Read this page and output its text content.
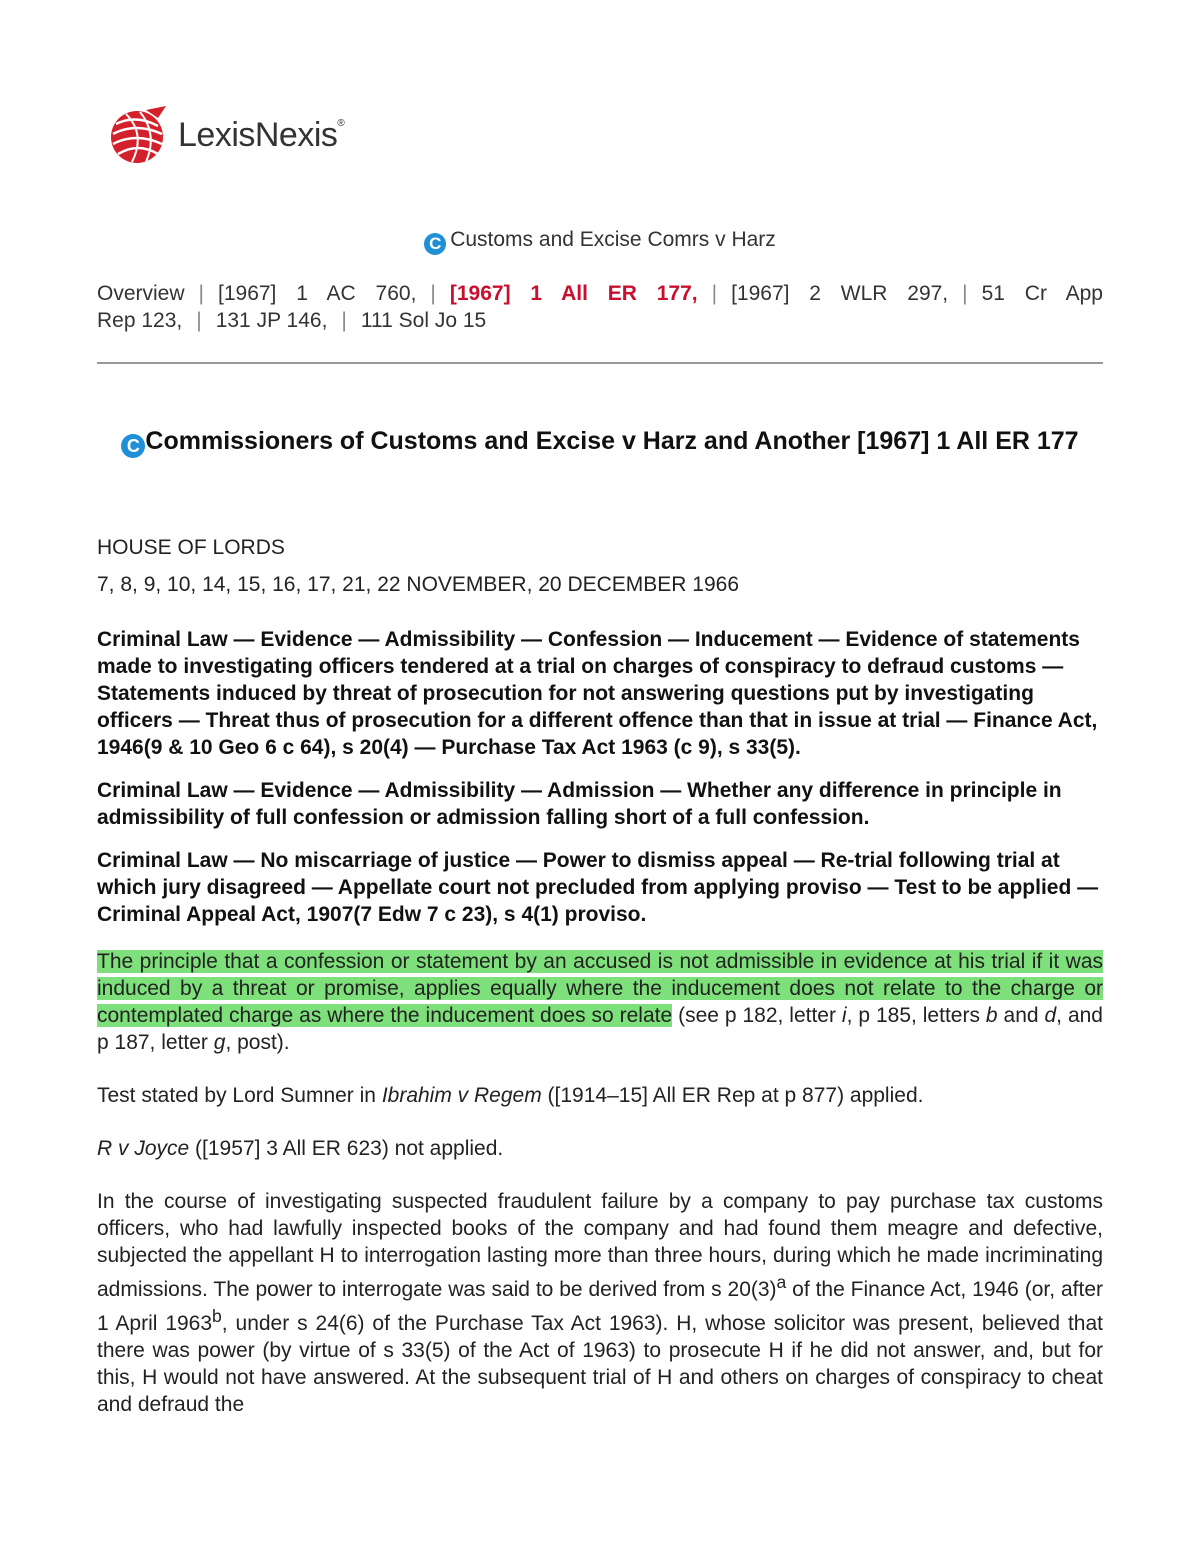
LexisNexis®
C Customs and Excise Comrs v Harz
Overview | [1967] 1 AC 760, | [1967] 1 All ER 177, | [1967] 2 WLR 297, | 51 Cr App
Rep 123, | 131 JP 146, | 111 Sol Jo 15
C Commissioners of Customs and Excise v Harz and Another [1967] 1 All ER 177

HOUSE OF LORDS

7, 8, 9, 10, 14, 15, 16, 17, 21, 22 NOVEMBER, 20 DECEMBER 1966

Criminal Law — Evidence — Admissibility — Confession — Inducement — Evidence of statements made to investigating officers tendered at a trial on charges of conspiracy to defraud customs — Statements induced by threat of prosecution for not answering questions put by investigating officers — Threat thus of prosecution for a different offence than that in issue at trial — Finance Act, 1946(9 & 10 Geo 6 c 64), s 20(4) — Purchase Tax Act 1963 (c 9), s 33(5).

Criminal Law — Evidence — Admissibility — Admission — Whether any difference in principle in admissibility of full confession or admission falling short of a full confession.

Criminal Law — No miscarriage of justice — Power to dismiss appeal — Re-trial following trial at which jury disagreed — Appellate court not precluded from applying proviso — Test to be applied — Criminal Appeal Act, 1907(7 Edw 7 c 23), s 4(1) proviso.

The principle that a confession or statement by an accused is not admissible in evidence at his trial if it was induced by a threat or promise, applies equally where the inducement does not relate to the charge or contemplated charge as where the inducement does so relate (see p 182, letter i, p 185, letters b and d, and p 187, letter g, post).

Test stated by Lord Sumner in Ibrahim v Regem ([1914–15] All ER Rep at p 877) applied.

R v Joyce ([1957] 3 All ER 623) not applied.

In the course of investigating suspected fraudulent failure by a company to pay purchase tax customs officers, who had lawfully inspected books of the company and had found them meagre and defective, subjected the appellant H to interrogation lasting more than three hours, during which he made incriminating admissions. The power to interrogate was said to be derived from s $20(3)^a$ of the Finance Act, 1946 (or, after 1 April 1963$^b$, under s 24(6) of the Purchase Tax Act 1963). H, whose solicitor was present, believed that there was power (by virtue of s 33(5) of the Act of 1963) to prosecute H if he did not answer, and, but for this, H would not have answered. At the subsequent trial of H and others on charges of conspiracy to cheat and defraud the
